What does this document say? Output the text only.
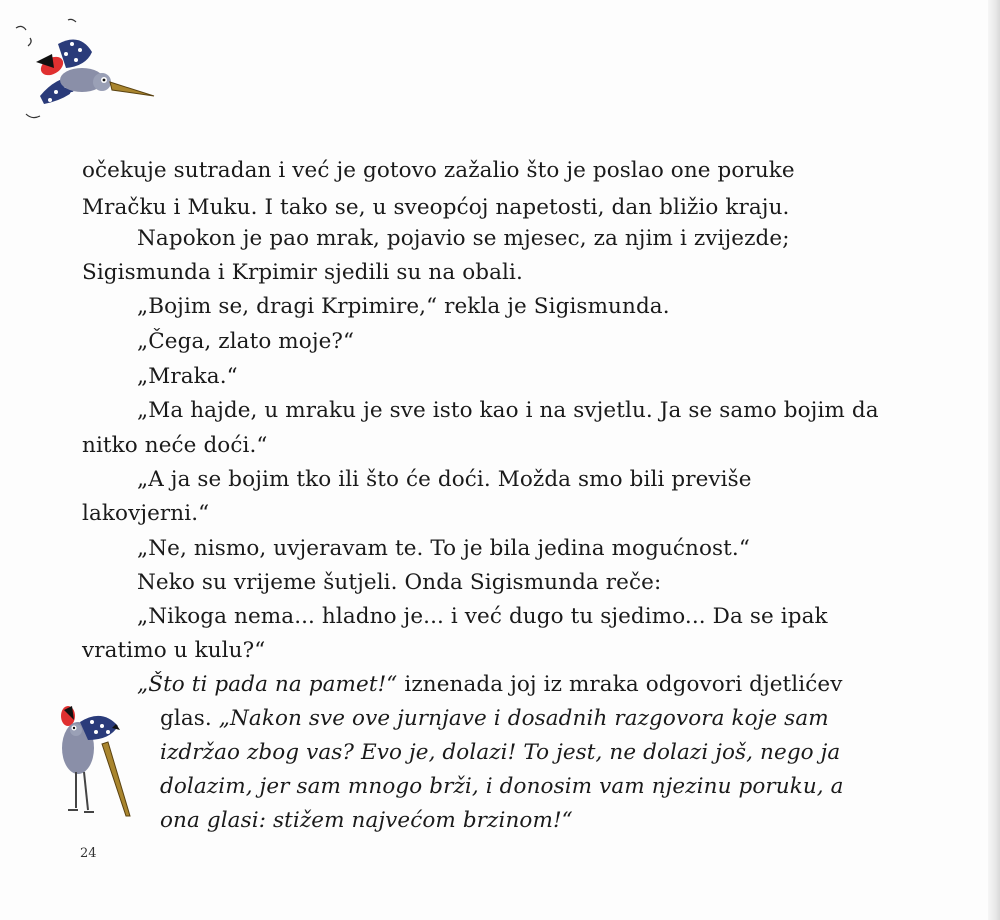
očekuje sutradan i već je gotovo zažalio što je poslao one poruke
Mračku i Muku. I tako se, u sveopćoj napetosti, dan bližio kraju.
Napokon je pao mrak, pojavio se mjesec, za njim i zvijezde;
Sigismunda i Krpimir sjedili su na obali.
„Bojim se, dragi Krpimire,“ rekla je Sigismunda.
„Čega, zlato moje?“
„Mraka.“
„Ma hajde, u mraku je sve isto kao i na svjetlu. Ja se samo bojim da
nitko neće doći.“
„A ja se bojim tko ili što će doći. Možda smo bili previše
lakovjerni.“
„Ne, nismo, uvjeravam te. To je bila jedina mogućnost.“
Neko su vrijeme šutjeli. Onda Sigismunda reče:
„Nikoga nema... hladno je... i već dugo tu sjedimo... Da se ipak
vratimo u kulu?“
„Što ti pada na pamet!“ iznenada joj iz mraka odgovori djetlićev
glas. „Nakon sve ove jurnjave i dosadnih razgovora koje sam
izdržao zbog vas? Evo je, dolazi! To jest, ne dolazi još, nego ja
dolazim, jer sam mnogo brži, i donosim vam njezinu poruku, a
ona glasi: stižem najvećom brzinom!“
24
